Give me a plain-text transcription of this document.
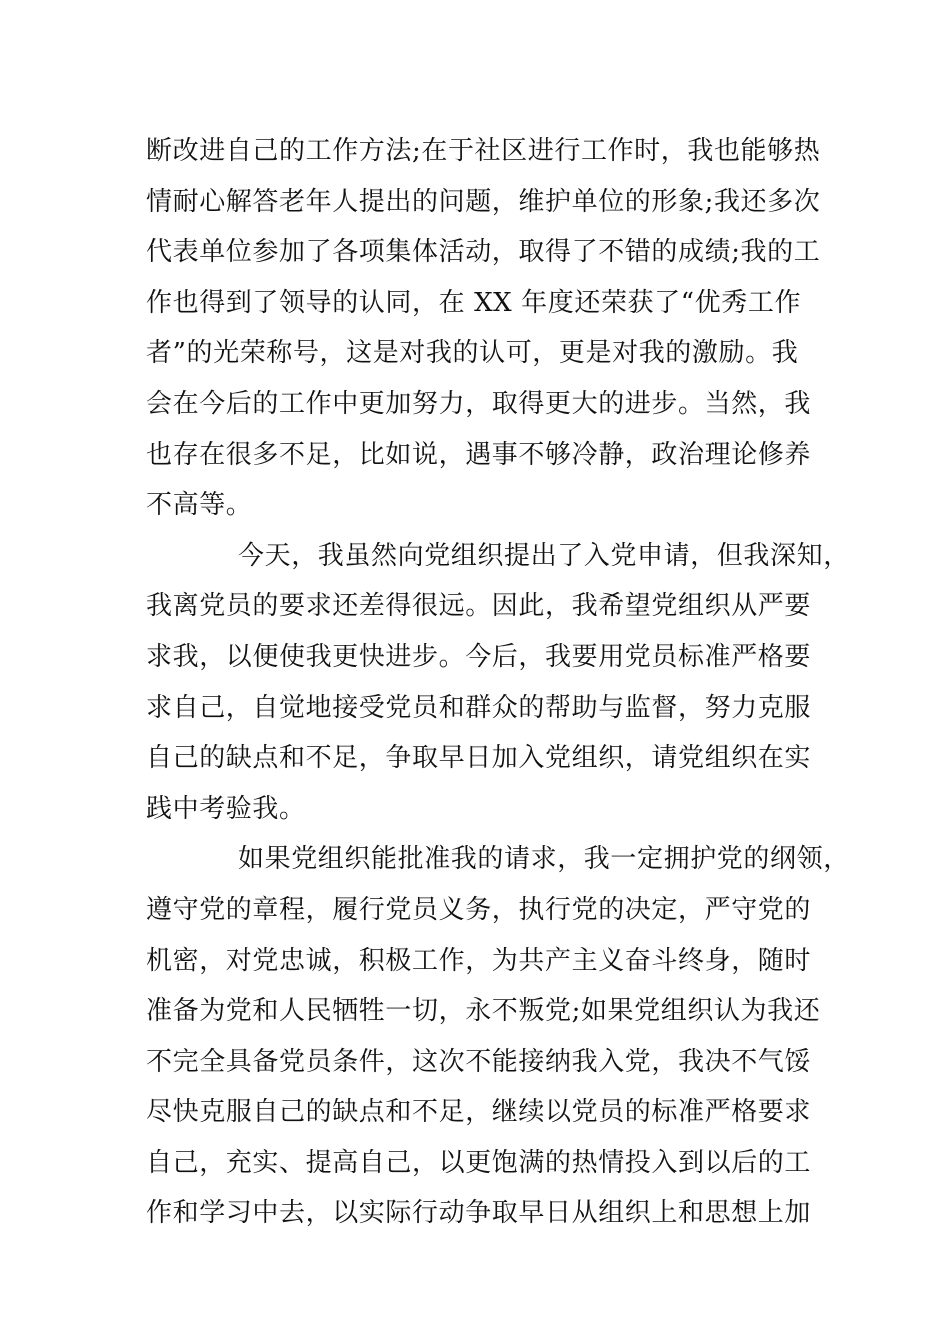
断改进自己的工作方法;在于社区进行工作时，我也能够热
情耐心解答老年人提出的问题，维护单位的形象;我还多次
代表单位参加了各项集体活动，取得了不错的成绩;我的工
作也得到了领导的认同，在 XX 年度还荣获了“优秀工作
者”的光荣称号，这是对我的认可，更是对我的激励。我
会在今后的工作中更加努力，取得更大的进步。当然，我
也存在很多不足，比如说，遇事不够冷静，政治理论修养
不高等。
今天，我虽然向党组织提出了入党申请，但我深知，
我离党员的要求还差得很远。因此，我希望党组织从严要
求我，以便使我更快进步。今后，我要用党员标准严格要
求自己，自觉地接受党员和群众的帮助与监督，努力克服
自己的缺点和不足，争取早日加入党组织，请党组织在实
践中考验我。
如果党组织能批准我的请求，我一定拥护党的纲领，
遵守党的章程，履行党员义务，执行党的决定，严守党的
机密，对党忠诚，积极工作，为共产主义奋斗终身，随时
准备为党和人民牺牲一切，永不叛党;如果党组织认为我还
不完全具备党员条件，这次不能接纳我入党，我决不气馁
尽快克服自己的缺点和不足，继续以党员的标准严格要求
自己，充实、提高自己，以更饱满的热情投入到以后的工
作和学习中去，以实际行动争取早日从组织上和思想上加
